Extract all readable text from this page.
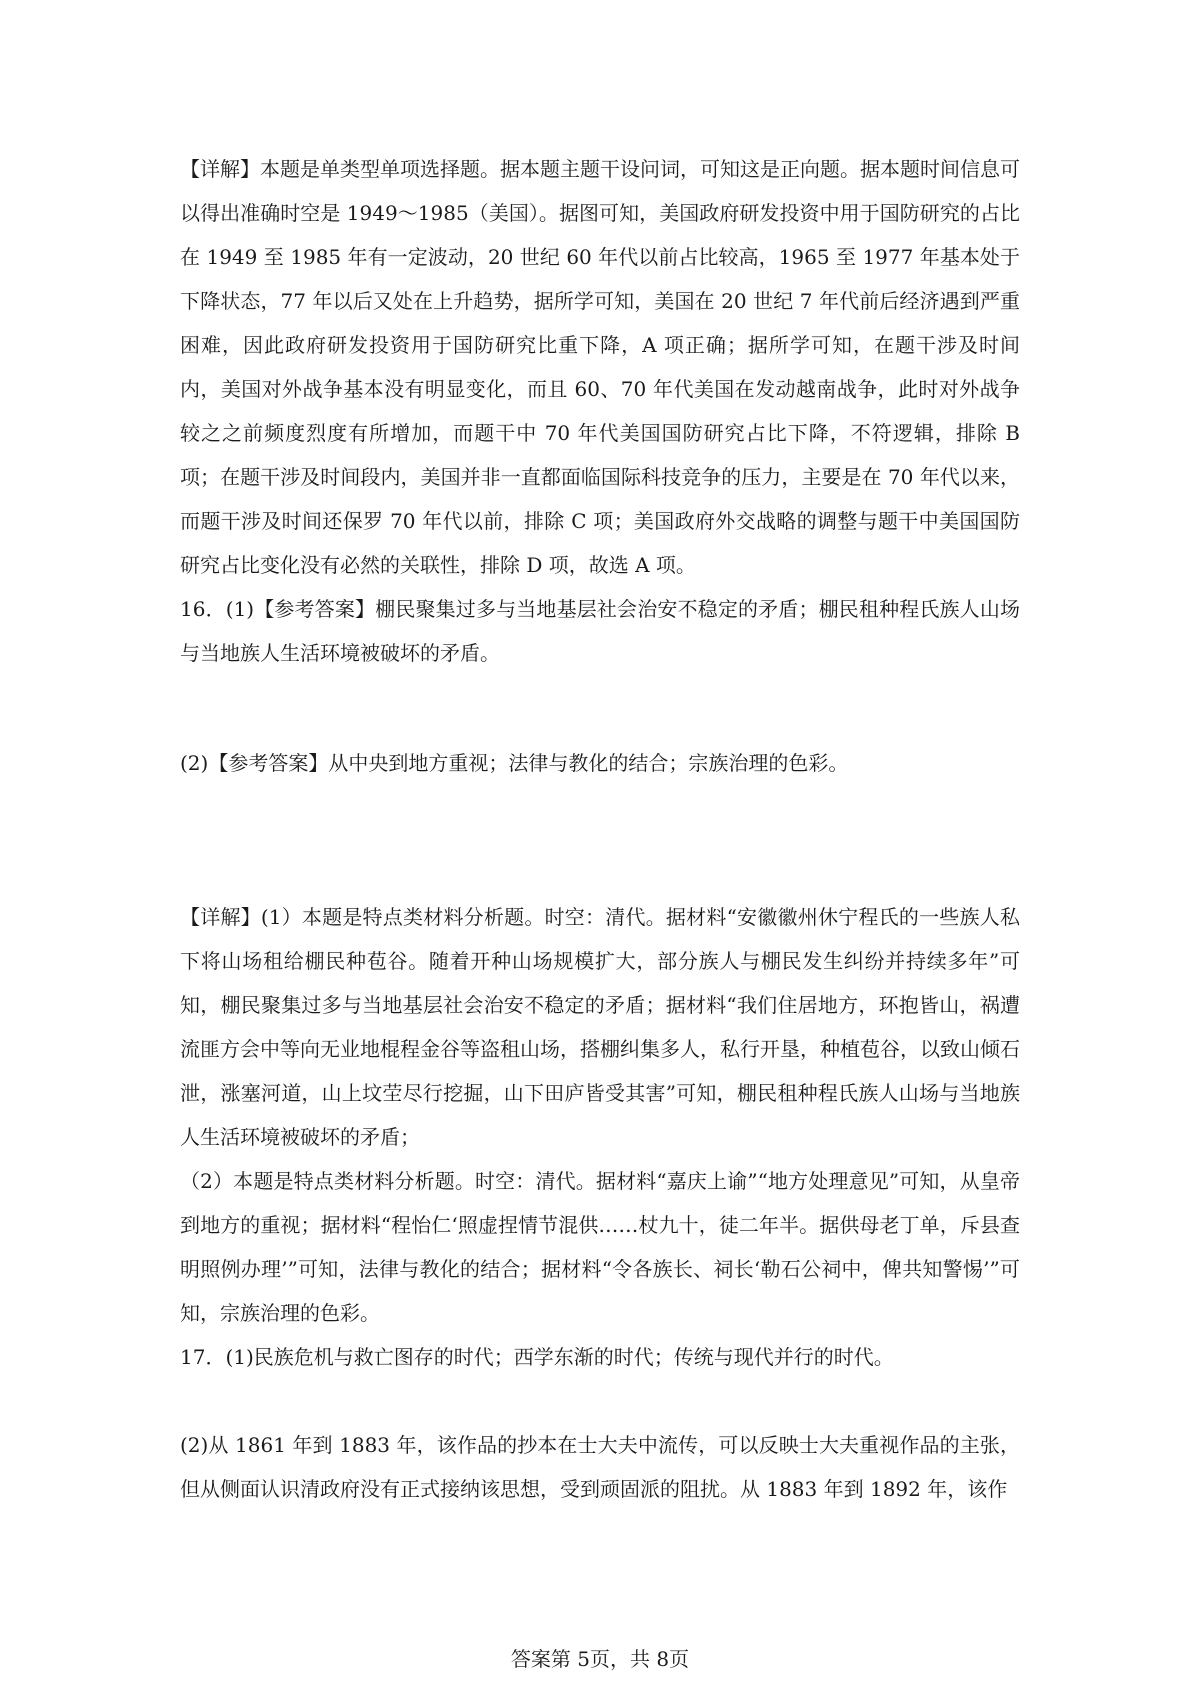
【详解】本题是单类型单项选择题。据本题主题干设问词，可知这是正向题。据本题时间信息可以得出准确时空是 1949～1985（美国）。据图可知，美国政府研发投资中用于国防研究的占比在 1949 至 1985 年有一定波动，20 世纪 60 年代以前占比较高，1965 至 1977 年基本处于下降状态，77 年以后又处在上升趋势，据所学可知，美国在 20 世纪 7 年代前后经济遇到严重困难，因此政府研发投资用于国防研究比重下降，A 项正确；据所学可知，在题干涉及时间内，美国对外战争基本没有明显变化，而且 60、70 年代美国在发动越南战争，此时对外战争较之之前频度烈度有所增加，而题干中 70 年代美国国防研究占比下降，不符逻辑，排除 B 项；在题干涉及时间段内，美国并非一直都面临国际科技竞争的压力，主要是在 70 年代以来，而题干涉及时间还保罗 70 年代以前，排除 C 项；美国政府外交战略的调整与题干中美国国防研究占比变化没有必然的关联性，排除 D 项，故选 A 项。

16．(1)【参考答案】棚民聚集过多与当地基层社会治安不稳定的矛盾；棚民租种程氏族人山场与当地族人生活环境被破坏的矛盾。

(2)【参考答案】从中央到地方重视；法律与教化的结合；宗族治理的色彩。

【详解】(1）本题是特点类材料分析题。时空：清代。据材料“安徽徽州休宁程氏的一些族人私下将山场租给棚民种苞谷。随着开种山场规模扩大，部分族人与棚民发生纠纷并持续多年”可知，棚民聚集过多与当地基层社会治安不稳定的矛盾；据材料“我们住居地方，环抱皆山，祸遭流匪方会中等向无业地棍程金谷等盗租山场，搭棚纠集多人，私行开垦，种植苞谷，以致山倾石泄，涨塞河道，山上坟茔尽行挖掘，山下田庐皆受其害”可知，棚民租种程氏族人山场与当地族人生活环境被破坏的矛盾；

（2）本题是特点类材料分析题。时空：清代。据材料“嘉庆上谕”“地方处理意见”可知，从皇帝到地方的重视；据材料“程怡仁‘照虚捏情节混供……杖九十，徒二年半。据供母老丁单，斥县查明照例办理’”可知，法律与教化的结合；据材料“令各族长、祠长‘勒石公祠中，俾共知警惕’”可知，宗族治理的色彩。

17．(1)民族危机与救亡图存的时代；西学东渐的时代；传统与现代并行的时代。

(2)从 1861 年到 1883 年，该作品的抄本在士大夫中流传，可以反映士大夫重视作品的主张，但从侧面认识清政府没有正式接纳该思想，受到顽固派的阻扰。从 1883 年到 1892 年，该作

答案第 5页，共 8页
